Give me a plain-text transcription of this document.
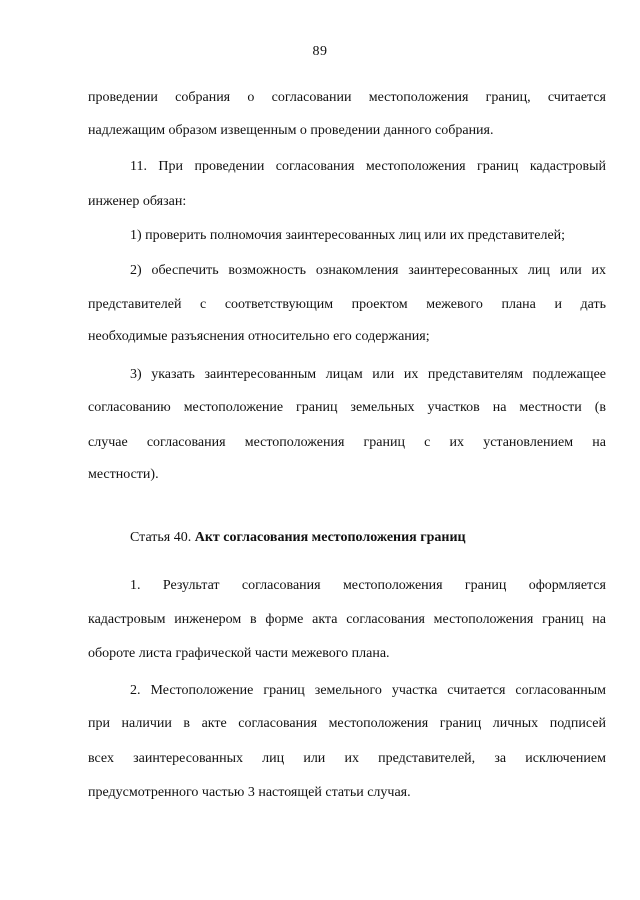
89
проведении собрания о согласовании местоположения границ, считается
надлежащим образом извещенным о проведении данного собрания.
11. При проведении согласования местоположения границ кадастровый
инженер обязан:
1) проверить полномочия заинтересованных лиц или их представителей;
2) обеспечить возможность ознакомления заинтересованных лиц или их
представителей с соответствующим проектом межевого плана и дать
необходимые разъяснения относительно его содержания;
3) указать заинтересованным лицам или их представителям подлежащее
согласованию местоположение границ земельных участков на местности (в
случае согласования местоположения границ с их установлением на
местности).
Статья 40. Акт согласования местоположения границ
1. Результат согласования местоположения границ оформляется
кадастровым инженером в форме акта согласования местоположения границ на
обороте листа графической части межевого плана.
2. Местоположение границ земельного участка считается согласованным
при наличии в акте согласования местоположения границ личных подписей
всех заинтересованных лиц или их представителей, за исключением
предусмотренного частью 3 настоящей статьи случая.
